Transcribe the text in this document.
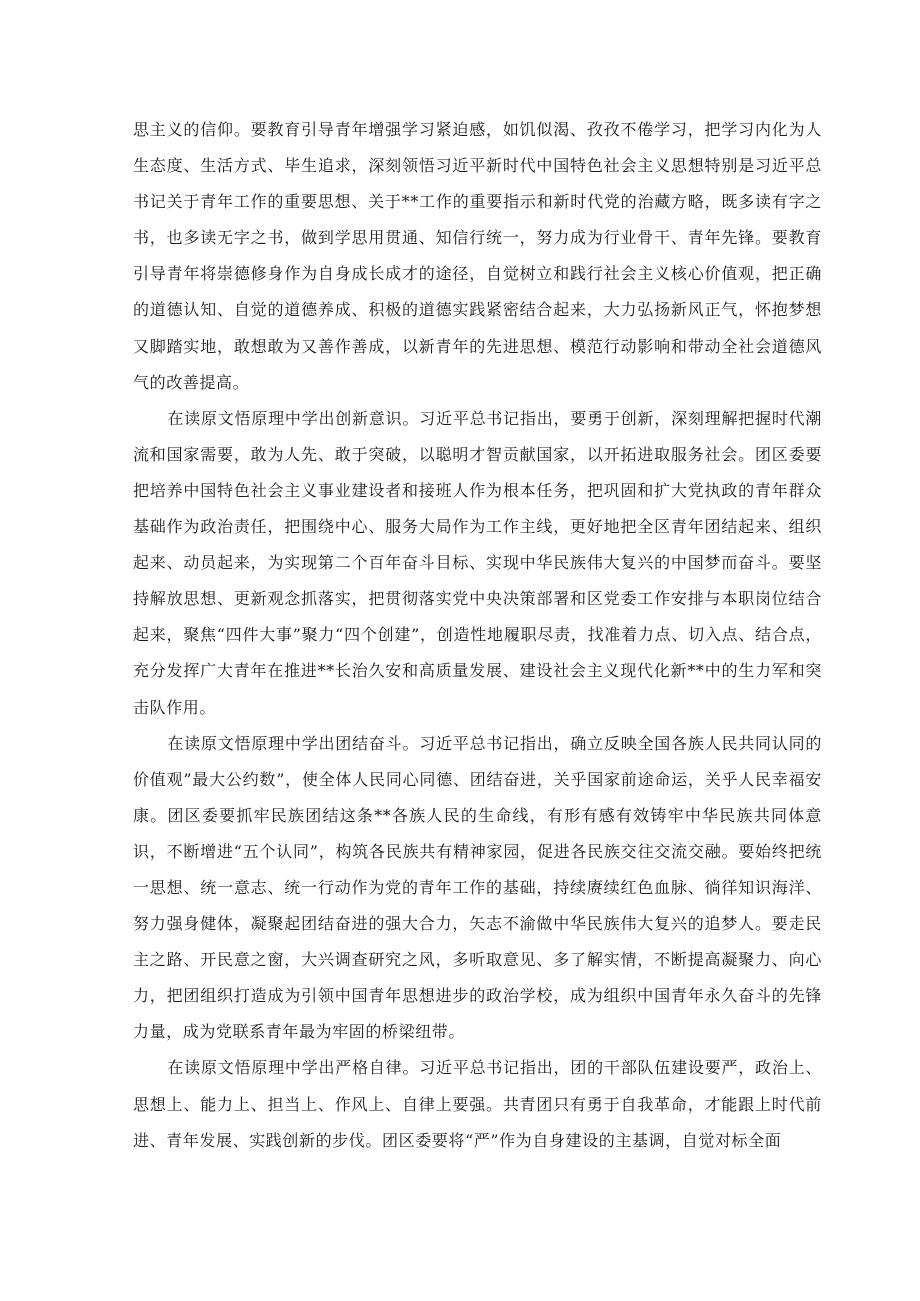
思主义的信仰。要教育引导青年增强学习紧迫感，如饥似渴、孜孜不倦学习，把学习内化为人生态度、生活方式、毕生追求，深刻领悟习近平新时代中国特色社会主义思想特别是习近平总书记关于青年工作的重要思想、关于**工作的重要指示和新时代党的治藏方略，既多读有字之书，也多读无字之书，做到学思用贯通、知信行统一，努力成为行业骨干、青年先锋。要教育引导青年将崇德修身作为自身成长成才的途径，自觉树立和践行社会主义核心价值观，把正确的道德认知、自觉的道德养成、积极的道德实践紧密结合起来，大力弘扬新风正气，怀抱梦想又脚踏实地，敢想敢为又善作善成，以新青年的先进思想、模范行动影响和带动全社会道德风气的改善提高。

在读原文悟原理中学出创新意识。习近平总书记指出，要勇于创新，深刻理解把握时代潮流和国家需要，敢为人先、敢于突破，以聪明才智贡献国家，以开拓进取服务社会。团区委要把培养中国特色社会主义事业建设者和接班人作为根本任务，把巩固和扩大党执政的青年群众基础作为政治责任，把围绕中心、服务大局作为工作主线，更好地把全区青年团结起来、组织起来、动员起来，为实现第二个百年奋斗目标、实现中华民族伟大复兴的中国梦而奋斗。要坚持解放思想、更新观念抓落实，把贯彻落实党中央决策部署和区党委工作安排与本职岗位结合起来，聚焦“四件大事”聚力“四个创建”，创造性地履职尽责，找准着力点、切入点、结合点，充分发挥广大青年在推进**长治久安和高质量发展、建设社会主义现代化新**中的生力军和突击队作用。

在读原文悟原理中学出团结奋斗。习近平总书记指出，确立反映全国各族人民共同认同的价值观”最大公约数”，使全体人民同心同德、团结奋进，关乎国家前途命运，关乎人民幸福安康。团区委要抓牢民族团结这条**各族人民的生命线，有形有感有效铸牢中华民族共同体意识，不断增进“五个认同”，构筑各民族共有精神家园，促进各民族交往交流交融。要始终把统一思想、统一意志、统一行动作为党的青年工作的基础，持续赓续红色血脉、徜徉知识海洋、努力强身健体，凝聚起团结奋进的强大合力，矢志不渝做中华民族伟大复兴的追梦人。要走民主之路、开民意之窗，大兴调查研究之风，多听取意见、多了解实情，不断提高凝聚力、向心力，把团组织打造成为引领中国青年思想进步的政治学校，成为组织中国青年永久奋斗的先锋力量，成为党联系青年最为牢固的桥梁纽带。

在读原文悟原理中学出严格自律。习近平总书记指出，团的干部队伍建设要严，政治上、思想上、能力上、担当上、作风上、自律上要强。共青团只有勇于自我革命，才能跟上时代前进、青年发展、实践创新的步伐。团区委要将“严”作为自身建设的主基调，自觉对标全面
